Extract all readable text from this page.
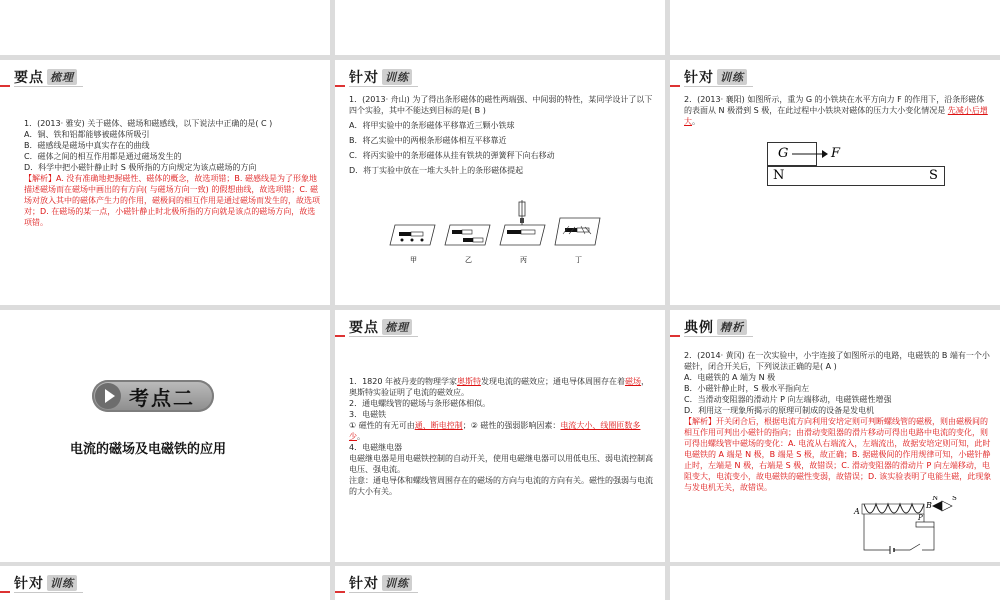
要点 梳理

1．(2013· 雅安) 关于磁体、磁场和磁感线，以下说法中正确的是( C )

A．铜、铁和铝都能够被磁体所吸引

B．磁感线是磁场中真实存在的曲线

C．磁体之间的相互作用都是通过磁场发生的

D．科学中把小磁针静止时 S 极所指的方向规定为该点磁场的方向

【解析】A. 没有准确地把握磁性、磁体的概念，故选项错；B. 磁感线是为了形象地描述磁场而在磁场中画出的有方向( 与磁场方向一致) 的假想曲线，故选项错；C. 磁场对放入其中的磁体产生力的作用，磁极间的相互作用是通过磁场而发生的，故选项对；D. 在磁场的某一点，小磁针静止时北极所指的方向就是该点的磁场方向，故选项错。

针对 训练

1．(2013· 舟山) 为了得出条形磁体的磁性两端强、中间弱的特性，某同学设计了以下四个实验，其中不能达到目标的是( B )

A．将甲实验中的条形磁体平移靠近三颗小铁球

B．将乙实验中的两根条形磁体相互平移靠近

C．将丙实验中的条形磁体从挂有铁块的弹簧秤下向右移动

D．将丁实验中放在一堆大头针上的条形磁体提起

甲	乙	丙	丁
针对 训练

2．(2013· 襄阳) 如图所示，重为 G 的小铁块在水平方向力 F 的作用下，沿条形磁体的表面从 N 极滑到 S 极，在此过程中小铁块对磁体的压力大小变化情况是 先减小后增大。

G	F
N	S
考点二
电流的磁场及电磁铁的应用
要点 梳理

1．1820 年被丹麦的物理学家奥斯特发现电流的磁效应；通电导体周围存在着磁场，奥斯特实验证明了电流的磁效应。

2．通电螺线管的磁场与条形磁体相似。

3．电磁铁

① 磁性的有无可由通、断电控制；② 磁性的强弱影响因素：电流大小、线圈匝数多少。

4．电磁继电器

电磁继电器是用电磁铁控制的自动开关，使用电磁继电器可以用低电压、弱电流控制高电压、强电流。

注意：通电导体和螺线管周围存在的磁场的方向与电流的方向有关。磁性的强弱与电流的大小有关。

典例 精析

2．(2014· 黄冈) 在一次实验中，小宇连接了如图所示的电路，电磁铁的 B 端有一个小磁针，闭合开关后，下列说法正确的是( A )

A．电磁铁的 A 端为 N 极

B．小磁针静止时，S 极水平指向左

C．当滑动变阻器的滑动片 P 向左端移动，电磁铁磁性增强

D．利用这一现象所揭示的原理可制成的设备是发电机

【解析】开关闭合后，根据电流方向利用安培定则可判断螺线管的磁极，则由磁极间的相互作用可判出小磁针的指向；由滑动变阻器的滑片移动可得出电路中电流的变化，则可得出螺线管中磁场的变化：A. 电流从右端流入，左端流出，故据安培定则可知，此时电磁铁的 A 端是 N 极，B 端是 S 极，故正确；B. 据磁极间的作用规律可知，小磁针静止时，左端是 N 极，右端是 S 极，故错误；C. 滑动变阻器的滑动片 P 向左端移动，电阻变大，电流变小，故电磁铁的磁性变弱，故错误；D. 该实验表明了电能生磁，此现象与发电机无关，故错误。

A
B
N S
P
针对 训练	针对 训练
